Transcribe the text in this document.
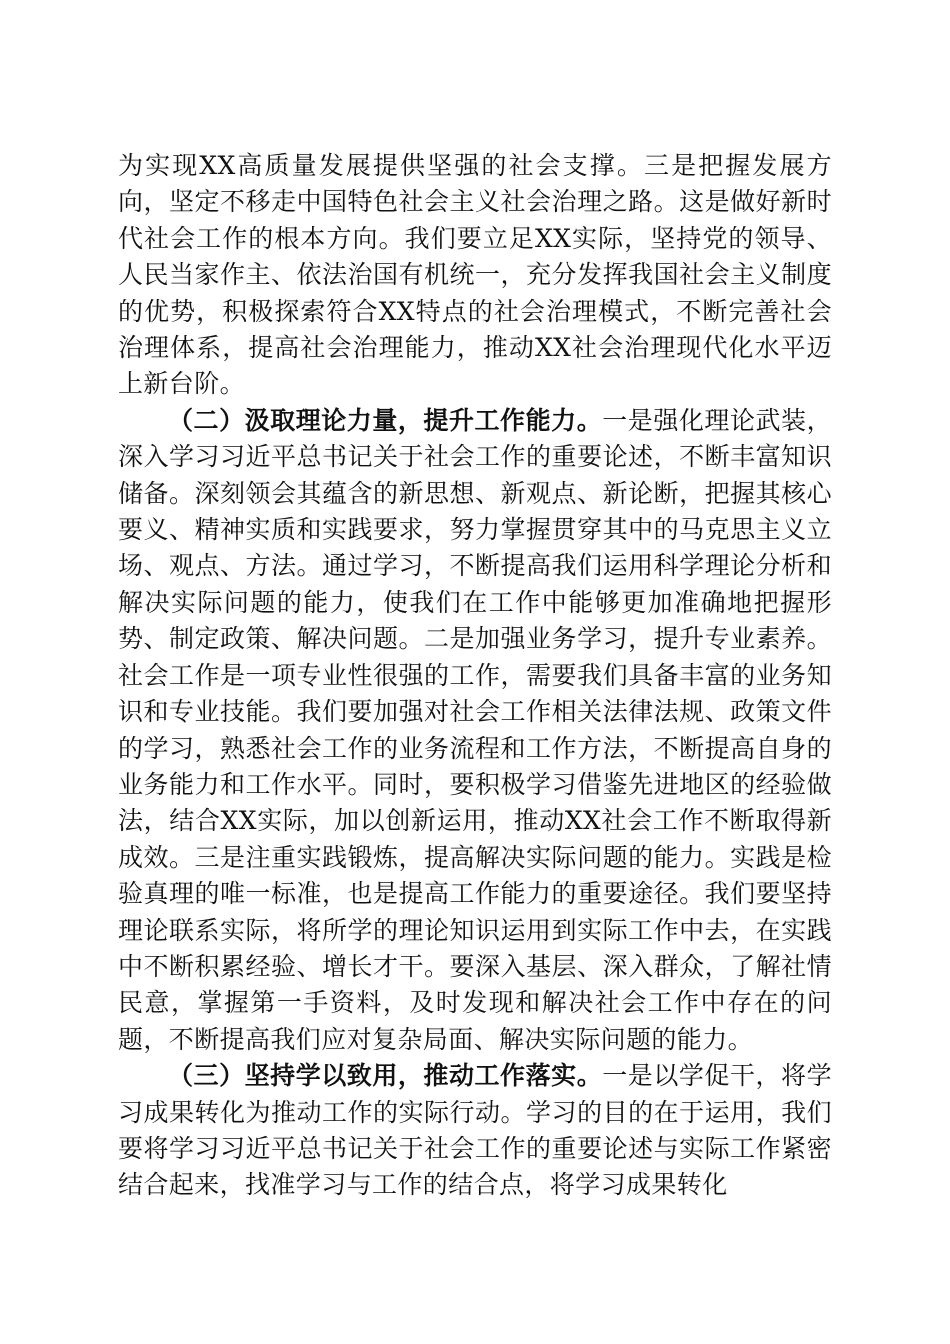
为实现XX高质量发展提供坚强的社会支撑。三是把握发展方向，坚定不移走中国特色社会主义社会治理之路。这是做好新时代社会工作的根本方向。我们要立足XX实际，坚持党的领导、人民当家作主、依法治国有机统一，充分发挥我国社会主义制度的优势，积极探索符合XX特点的社会治理模式，不断完善社会治理体系，提高社会治理能力，推动XX社会治理现代化水平迈上新台阶。

（二）汲取理论力量，提升工作能力。一是强化理论武装，深入学习习近平总书记关于社会工作的重要论述，不断丰富知识储备。深刻领会其蕴含的新思想、新观点、新论断，把握其核心要义、精神实质和实践要求，努力掌握贯穿其中的马克思主义立场、观点、方法。通过学习，不断提高我们运用科学理论分析和解决实际问题的能力，使我们在工作中能够更加准确地把握形势、制定政策、解决问题。二是加强业务学习，提升专业素养。社会工作是一项专业性很强的工作，需要我们具备丰富的业务知识和专业技能。我们要加强对社会工作相关法律法规、政策文件的学习，熟悉社会工作的业务流程和工作方法，不断提高自身的业务能力和工作水平。同时，要积极学习借鉴先进地区的经验做法，结合XX实际，加以创新运用，推动XX社会工作不断取得新成效。三是注重实践锻炼，提高解决实际问题的能力。实践是检验真理的唯一标准，也是提高工作能力的重要途径。我们要坚持理论联系实际，将所学的理论知识运用到实际工作中去，在实践中不断积累经验、增长才干。要深入基层、深入群众，了解社情民意，掌握第一手资料，及时发现和解决社会工作中存在的问题，不断提高我们应对复杂局面、解决实际问题的能力。

（三）坚持学以致用，推动工作落实。一是以学促干，将学习成果转化为推动工作的实际行动。学习的目的在于运用，我们要将学习习近平总书记关于社会工作的重要论述与实际工作紧密结合起来，找准学习与工作的结合点，将学习成果转化
